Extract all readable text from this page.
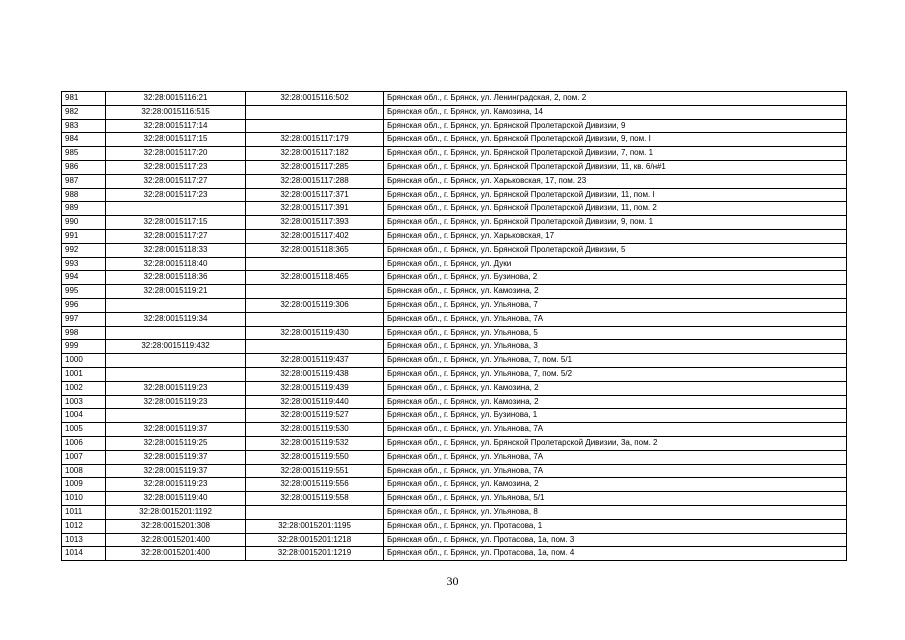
981	32:28:0015116:21	32:28:0015116:502	Брянская обл., г. Брянск, ул. Ленинградская, 2, пом. 2
982	32:28:0015116:515		Брянская обл., г. Брянск, ул. Камозина, 14
983	32:28:0015117:14		Брянская обл., г. Брянск, ул. Брянской Пролетарской Дивизии, 9
984	32:28:0015117:15	32:28:0015117:179	Брянская обл., г. Брянск, ул. Брянской Пролетарской Дивизии, 9, пом. I
985	32:28:0015117:20	32:28:0015117:182	Брянская обл., г. Брянск, ул. Брянской Пролетарской Дивизии, 7, пом. 1
986	32:28:0015117:23	32:28:0015117:285	Брянская обл., г. Брянск, ул. Брянской Пролетарской Дивизии, 11, кв. 6/н#1
987	32:28:0015117:27	32:28:0015117:288	Брянская обл., г. Брянск, ул. Харьковская, 17, пом. 23
988	32:28:0015117:23	32:28:0015117:371	Брянская обл., г. Брянск, ул. Брянской Пролетарской Дивизии, 11, пом. I
989		32:28:0015117:391	Брянская обл., г. Брянск, ул. Брянской Пролетарской Дивизии, 11, пом. 2
990	32:28:0015117:15	32:28:0015117:393	Брянская обл., г. Брянск, ул. Брянской Пролетарской Дивизии, 9, пом. 1
991	32:28:0015117:27	32:28:0015117:402	Брянская обл., г. Брянск, ул. Харьковская, 17
992	32:28:0015118:33	32:28:0015118:365	Брянская обл., г. Брянск, ул. Брянской Пролетарской Дивизии, 5
993	32:28:0015118:40		Брянская обл., г. Брянск, ул. Дуки
994	32:28:0015118:36	32:28:0015118:465	Брянская обл., г. Брянск, ул. Бузинова, 2
995	32:28:0015119:21		Брянская обл., г. Брянск, ул. Камозина, 2
996		32:28:0015119:306	Брянская обл., г. Брянск, ул. Ульянова, 7
997	32:28:0015119:34		Брянская обл., г. Брянск, ул. Ульянова, 7А
998		32:28:0015119:430	Брянская обл., г. Брянск, ул. Ульянова, 5
999	32:28:0015119:432		Брянская обл., г. Брянск, ул. Ульянова, 3
1000		32:28:0015119:437	Брянская обл., г. Брянск, ул. Ульянова, 7, пом. 5/1
1001		32:28:0015119:438	Брянская обл., г. Брянск, ул. Ульянова, 7, пом. 5/2
1002	32:28:0015119:23	32:28:0015119:439	Брянская обл., г. Брянск, ул. Камозина, 2
1003	32:28:0015119:23	32:28:0015119:440	Брянская обл., г. Брянск, ул. Камозина, 2
1004		32:28:0015119:527	Брянская обл., г. Брянск, ул. Бузинова, 1
1005	32:28:0015119:37	32:28:0015119:530	Брянская обл., г. Брянск, ул. Ульянова, 7А
1006	32:28:0015119:25	32:28:0015119:532	Брянская обл., г. Брянск, ул. Брянской Пролетарской Дивизии, 3а, пом. 2
1007	32:28:0015119:37	32:28:0015119:550	Брянская обл., г. Брянск, ул. Ульянова, 7А
1008	32:28:0015119:37	32:28:0015119:551	Брянская обл., г. Брянск, ул. Ульянова, 7А
1009	32:28:0015119:23	32:28:0015119:556	Брянская обл., г. Брянск, ул. Камозина, 2
1010	32:28:0015119:40	32:28:0015119:558	Брянская обл., г. Брянск, ул. Ульянова, 5/1
1011	32:28:0015201:1192		Брянская обл., г. Брянск, ул. Ульянова, 8
1012	32:28:0015201:308	32:28:0015201:1195	Брянская обл., г. Брянск, ул. Протасова, 1
1013	32:28:0015201:400	32:28:0015201:1218	Брянская обл., г. Брянск, ул. Протасова, 1а, пом. 3
1014	32:28:0015201:400	32:28:0015201:1219	Брянская обл., г. Брянск, ул. Протасова, 1а, пом. 4
30
